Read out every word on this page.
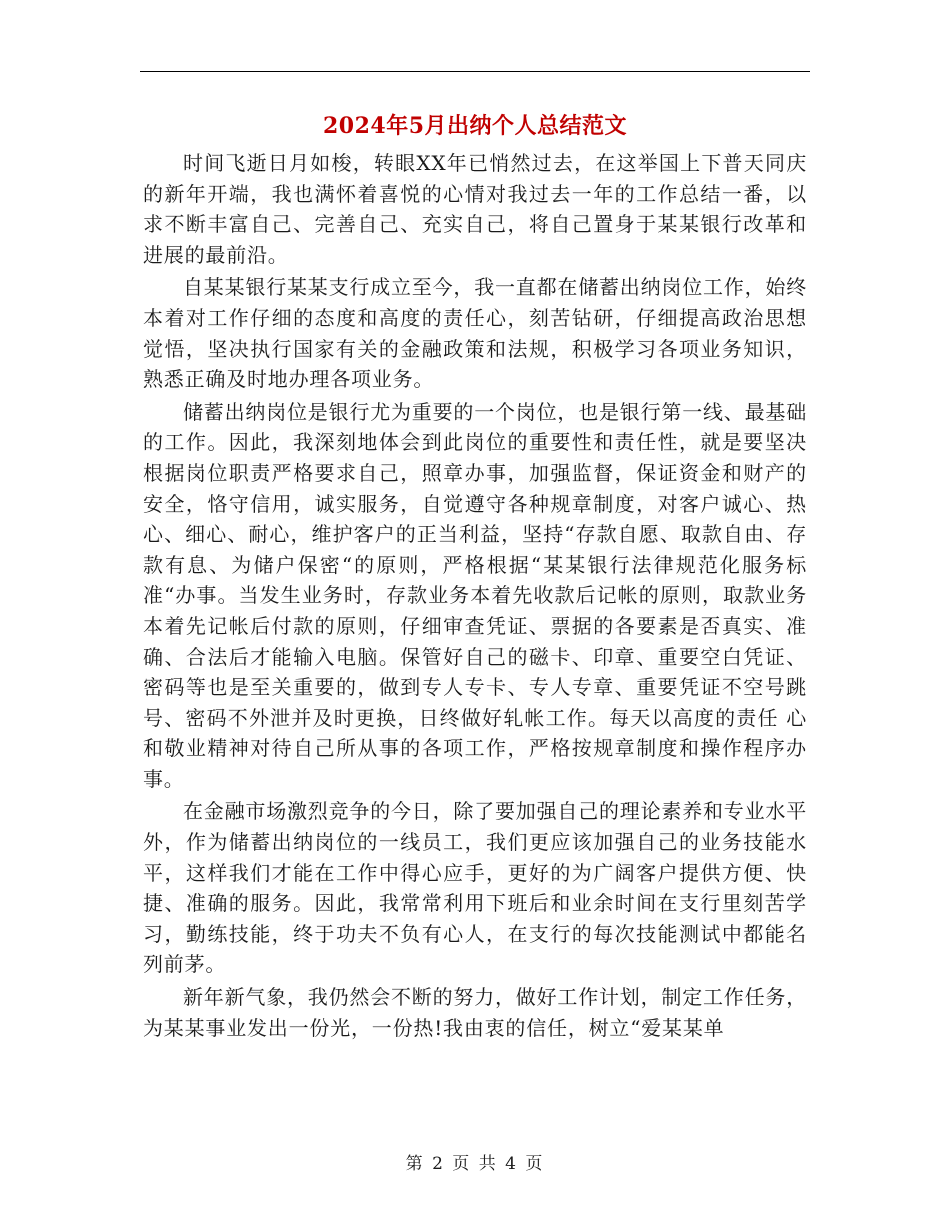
2024年5月出纳个人总结范文

时间飞逝日月如梭，转眼XX年已悄然过去，在这举国上下普天同庆的新年开端，我也满怀着喜悦的心情对我过去一年的工作总结一番，以求不断丰富自己、完善自己、充实自己，将自己置身于某某银行改革和进展的最前沿。

自某某银行某某支行成立至今，我一直都在储蓄出纳岗位工作，始终本着对工作仔细的态度和高度的责任心，刻苦钻研，仔细提高政治思想觉悟，坚决执行国家有关的金融政策和法规，积极学习各项业务知识，熟悉正确及时地办理各项业务。

储蓄出纳岗位是银行尤为重要的一个岗位，也是银行第一线、最基础的工作。因此，我深刻地体会到此岗位的重要性和责任性，就是要坚决根据岗位职责严格要求自己，照章办事，加强监督，保证资金和财产的安全，恪守信用，诚实服务，自觉遵守各种规章制度，对客户诚心、热心、细心、耐心，维护客户的正当利益，坚持“存款自愿、取款自由、存款有息、为储户保密“的原则，严格根据“某某银行法律规范化服务标准“办事。当发生业务时，存款业务本着先收款后记帐的原则，取款业务本着先记帐后付款的原则，仔细审查凭证、票据的各要素是否真实、准确、合法后才能输入电脑。保管好自己的磁卡、印章、重要空白凭证、密码等也是至关重要的，做到专人专卡、专人专章、重要凭证不空号跳号、密码不外泄并及时更换，日终做好轧帐工作。每天以高度的责任 心和敬业精神对待自己所从事的各项工作，严格按规章制度和操作程序办事。

在金融市场激烈竞争的今日，除了要加强自己的理论素养和专业水平外，作为储蓄出纳岗位的一线员工，我们更应该加强自己的业务技能水平，这样我们才能在工作中得心应手，更好的为广阔客户提供方便、快捷、准确的服务。因此，我常常利用下班后和业余时间在支行里刻苦学习，勤练技能，终于功夫不负有心人，在支行的每次技能测试中都能名列前茅。

新年新气象，我仍然会不断的努力，做好工作计划，制定工作任务，为某某事业发出一份光，一份热!我由衷的信任，树立“爱某某单

第 2 页 共 4 页
